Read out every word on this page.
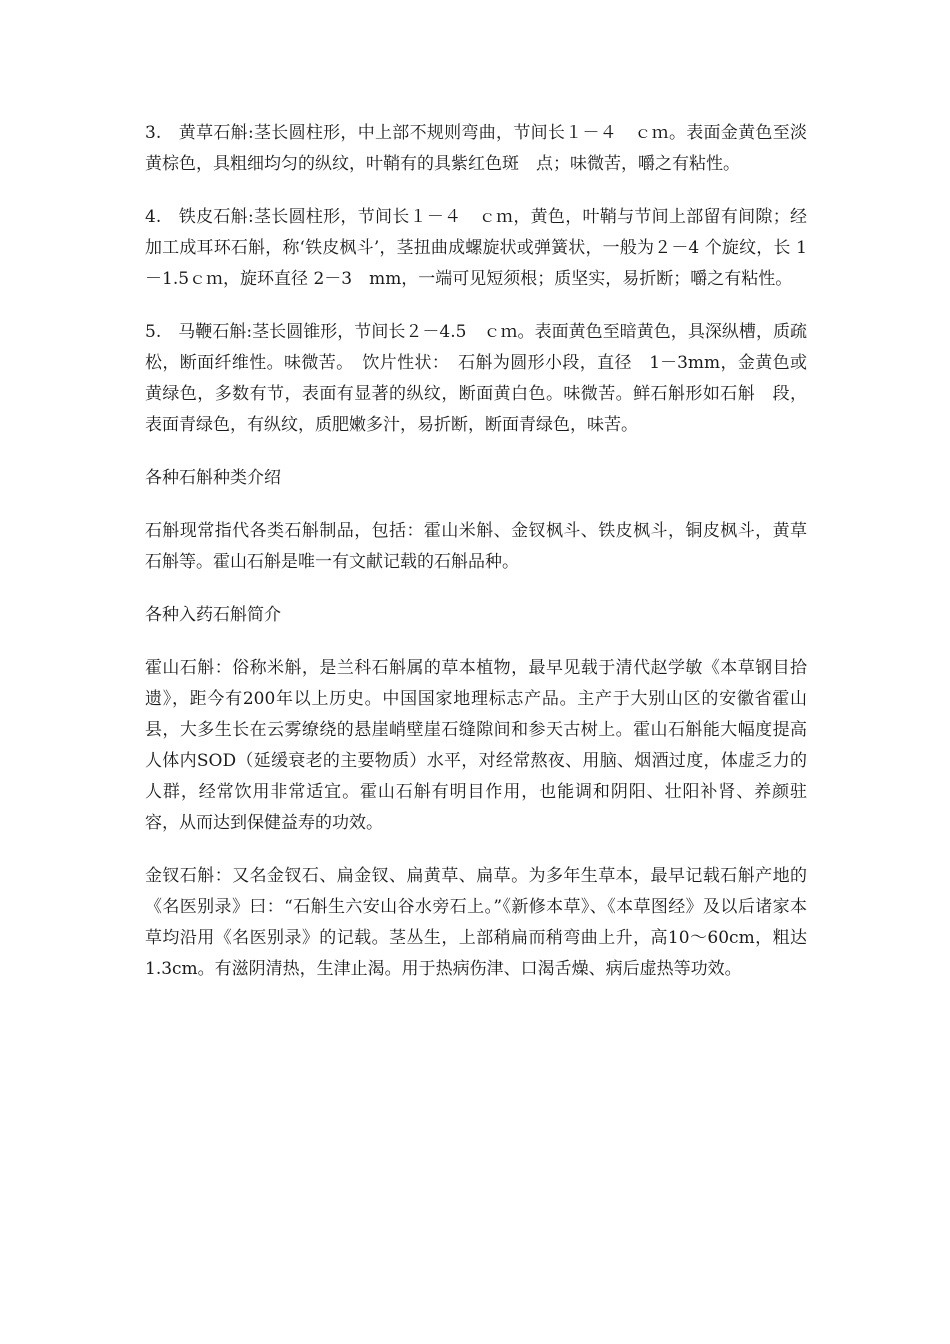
3.　黄草石斛:茎长圆柱形，中上部不规则弯曲，节间长１－４　ｃｍ。表面金黄色至淡黄棕色，具粗细均匀的纵纹，叶鞘有的具紫红色斑　点；味微苦，嚼之有粘性。

4.　铁皮石斛:茎长圆柱形，节间长１－４　ｃｍ，黄色，叶鞘与节间上部留有间隙；经加工成耳环石斛，称‘铁皮枫斗’，茎扭曲成螺旋状或弹簧状，一般为２－4 个旋纹，长 1－1.5ｃｍ，旋环直径 2－3　mm，一端可见短须根；质坚实，易折断；嚼之有粘性。

5.　马鞭石斛:茎长圆锥形，节间长２－4.5　ｃｍ。表面黄色至暗黄色，具深纵槽，质疏松，断面纤维性。味微苦。　饮片性状：　石斛为圆形小段，直径　1－3mm，金黄色或黄绿色，多数有节，表面有显著的纵纹，断面黄白色。味微苦。鲜石斛形如石斛　段，表面青绿色，有纵纹，质肥嫩多汁，易折断，断面青绿色，味苦。

各种石斛种类介绍

石斛现常指代各类石斛制品，包括：霍山米斛、金钗枫斗、铁皮枫斗，铜皮枫斗，黄草石斛等。霍山石斛是唯一有文献记载的石斛品种。

各种入药石斛简介

霍山石斛：俗称米斛，是兰科石斛属的草本植物，最早见载于清代赵学敏《本草钢目拾遗》，距今有200年以上历史。中国国家地理标志产品。主产于大别山区的安徽省霍山县，大多生长在云雾缭绕的悬崖峭壁崖石缝隙间和参天古树上。霍山石斛能大幅度提高人体内SOD（延缓衰老的主要物质）水平，对经常熬夜、用脑、烟酒过度，体虚乏力的人群，经常饮用非常适宜。霍山石斛有明目作用，也能调和阴阳、壮阳补肾、养颜驻容，从而达到保健益寿的功效。

金钗石斛：又名金钗石、扁金钗、扁黄草、扁草。为多年生草本，最早记载石斛产地的《名医别录》曰：“石斛生六安山谷水旁石上。”《新修本草》、《本草图经》及以后诸家本草均沿用《名医别录》的记载。茎丛生，上部稍扁而稍弯曲上升，高10～60cm，粗达1.3cm。有滋阴清热，生津止渴。用于热病伤津、口渴舌燥、病后虚热等功效。
